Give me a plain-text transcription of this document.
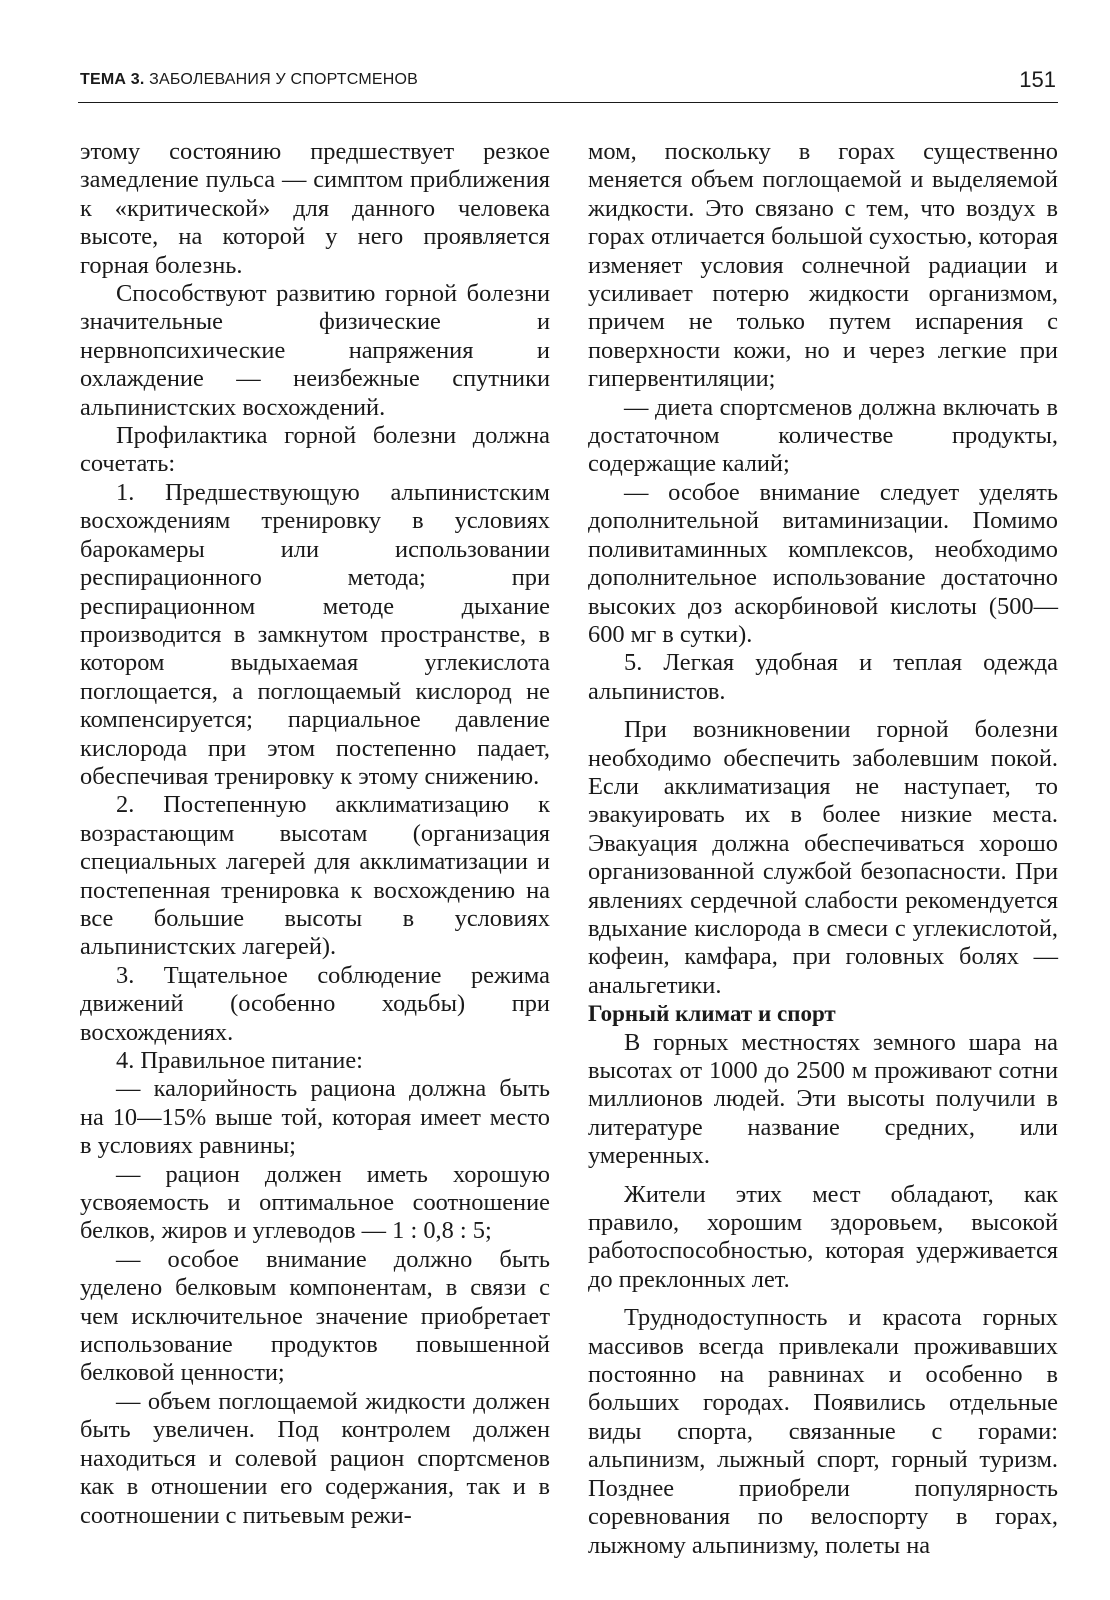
ТЕМА 3. ЗАБОЛЕВАНИЯ У СПОРТСМЕНОВ	151

этому состоянию предшествует резкое замедление пульса — симптом приближения к «критической» для данного человека высоте, на которой у него проявляется горная болезнь.

Способствуют развитию горной болезни значительные физические и нервнопсихические напряжения и охлаждение — неизбежные спутники альпинистских восхождений.

Профилактика горной болезни должна сочетать:

1. Предшествующую альпинистским восхождениям тренировку в условиях барокамеры или использовании респирационного метода; при респирационном методе дыхание производится в замкнутом пространстве, в котором выдыхаемая углекислота поглощается, а поглощаемый кислород не компенсируется; парциальное давление кислорода при этом постепенно падает, обеспечивая тренировку к этому снижению.

2. Постепенную акклиматизацию к возрастающим высотам (организация специальных лагерей для акклиматизации и постепенная тренировка к восхождению на все большие высоты в условиях альпинистских лагерей).

3. Тщательное соблюдение режима движений (особенно ходьбы) при восхождениях.

4. Правильное питание:

— калорийность рациона должна быть на 10—15% выше той, которая имеет место в условиях равнины;

— рацион должен иметь хорошую усвояемость и оптимальное соотношение белков, жиров и углеводов — 1 : 0,8 : 5;

— особое внимание должно быть уделено белковым компонентам, в связи с чем исключительное значение приобретает использование продуктов повышенной белковой ценности;

— объем поглощаемой жидкости должен быть увеличен. Под контролем должен находиться и солевой рацион спортсменов как в отношении его содержания, так и в соотношении с питьевым режи-

мом, поскольку в горах существенно меняется объем поглощаемой и выделяемой жидкости. Это связано с тем, что воздух в горах отличается большой сухостью, которая изменяет условия солнечной радиации и усиливает потерю жидкости организмом, причем не только путем испарения с поверхности кожи, но и через легкие при гипервентиляции;

— диета спортсменов должна включать в достаточном количестве продукты, содержащие калий;

— особое внимание следует уделять дополнительной витаминизации. Помимо поливитаминных комплексов, необходимо дополнительное использование достаточно высоких доз аскорбиновой кислоты (500—600 мг в сутки).

5. Легкая удобная и теплая одежда альпинистов.

При возникновении горной болезни необходимо обеспечить заболевшим покой. Если акклиматизация не наступает, то эвакуировать их в более низкие места. Эвакуация должна обеспечиваться хорошо организованной службой безопасности. При явлениях сердечной слабости рекомендуется вдыхание кислорода в смеси с углекислотой, кофеин, камфара, при головных болях — анальгетики.

Горный климат и спорт

В горных местностях земного шара на высотах от 1000 до 2500 м проживают сотни миллионов людей. Эти высоты получили в литературе название средних, или умеренных.

Жители этих мест обладают, как правило, хорошим здоровьем, высокой работоспособностью, которая удерживается до преклонных лет.

Труднодоступность и красота горных массивов всегда привлекали проживавших постоянно на равнинах и особенно в больших городах. Появились отдельные виды спорта, связанные с горами: альпинизм, лыжный спорт, горный туризм. Позднее приобрели популярность соревнования по велоспорту в горах, лыжному альпинизму, полеты на
